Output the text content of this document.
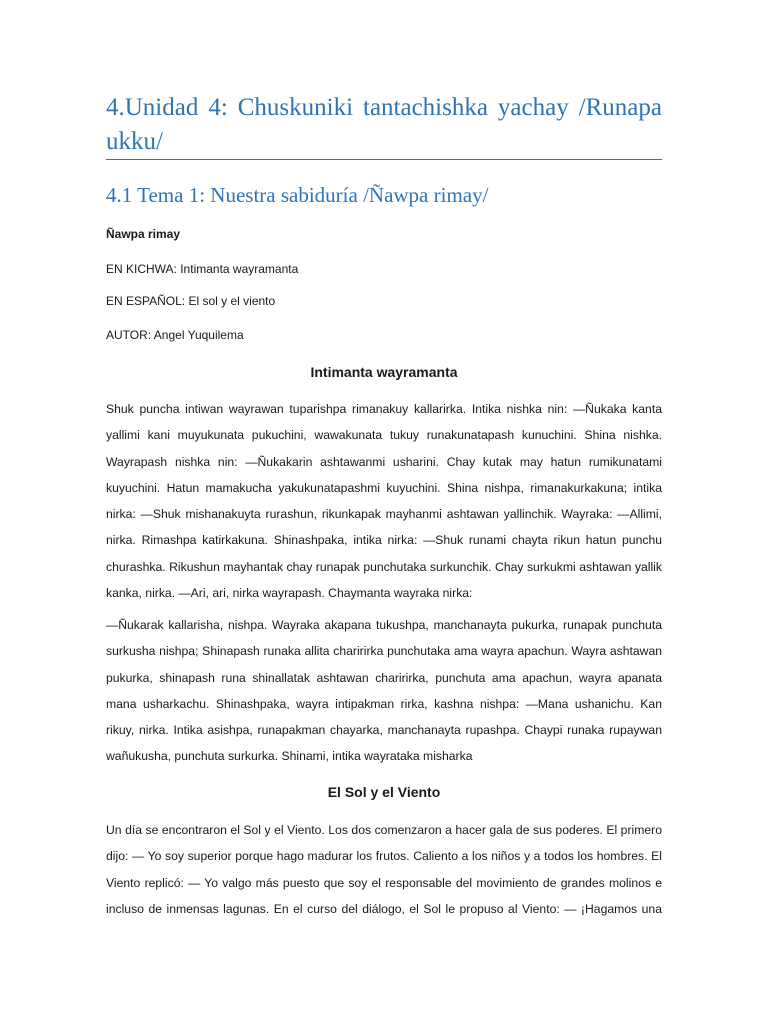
4.Unidad 4: Chuskuniki tantachishka yachay /Runapa ukku/
4.1 Tema 1: Nuestra sabiduría /Ñawpa rimay/
Ñawpa rimay
EN KICHWA: Intimanta wayramanta
EN ESPAÑOL: El sol y el viento
AUTOR: Angel Yuquilema
Intimanta wayramanta
Shuk puncha intiwan wayrawan tuparishpa rimanakuy kallarirka. Intika nishka nin: —Ñukaka kanta yallimi kani muyukunata pukuchini, wawakunata tukuy runakunatapash kunuchini. Shina nishka. Wayrapash nishka nin: —Ñukakarin ashtawanmi usharini. Chay kutak may hatun rumikunatami kuyuchini. Hatun mamakucha yakukunatapashmi kuyuchini. Shina nishpa, rimanakurkakuna; intika nirka: —Shuk mishanakuyta rurashun, rikunkapak mayhanmi ashtawan yallinchik. Wayraka: —Allimi, nirka. Rimashpa katirkakuna. Shinashpaka, intika nirka: —Shuk runami chayta rikun hatun punchu churashka. Rikushun mayhantak chay runapak punchutaka surkunchik. Chay surkukmi ashtawan yallik kanka, nirka. —Ari, ari, nirka wayrapash. Chaymanta wayraka nirka:
—Ñukarak kallarisha, nishpa. Wayraka akapana tukushpa, manchanayta pukurka, runapak punchuta surkusha nishpa; Shinapash runaka allita charirirka punchutaka ama wayra apachun. Wayra ashtawan pukurka, shinapash runa shinallatak ashtawan charirirka, punchuta ama apachun, wayra apanata mana usharkachu. Shinashpaka, wayra intipakman rirka, kashna nishpa: —Mana ushanichu. Kan rikuy, nirka. Intika asishpa, runapakman chayarka, manchanayta rupashpa. Chaypi runaka rupaywan wañukusha, punchuta surkurka. Shinami, intika wayrataka misharka
El Sol y el Viento
Un día se encontraron el Sol y el Viento. Los dos comenzaron a hacer gala de sus poderes. El primero dijo: — Yo soy superior porque hago madurar los frutos. Caliento a los niños y a todos los hombres. El Viento replicó: — Yo valgo más puesto que soy el responsable del movimiento de grandes molinos e incluso de inmensas lagunas. En el curso del diálogo, el Sol le propuso al Viento: — ¡Hagamos una
